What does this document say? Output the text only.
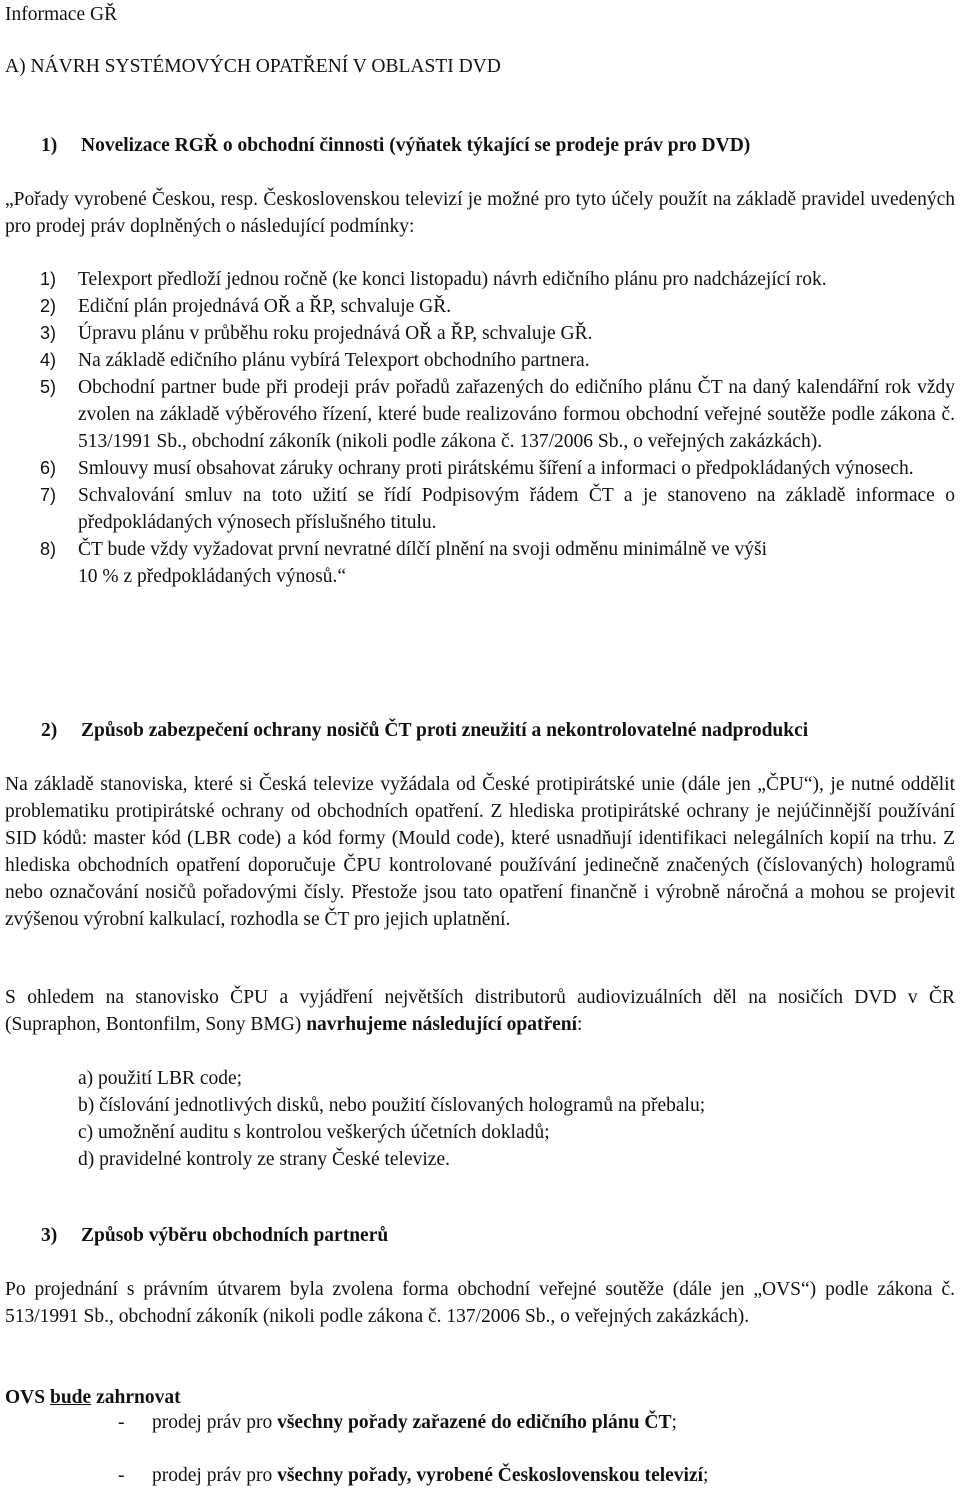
Informace GŘ
A) NÁVRH SYSTÉMOVÝCH OPATŘENÍ V OBLASTI DVD
1) Novelizace RGŘ o obchodní činnosti (výňatek týkající se prodeje práv pro DVD)
„Pořady vyrobené Českou, resp. Československou televizí je možné pro tyto účely použít na základě pravidel uvedených pro prodej práv doplněných o následující podmínky:
1) Telexport předloží jednou ročně (ke konci listopadu) návrh edičního plánu pro nadcházející rok.
2) Ediční plán projednává OŘ a ŘP, schvaluje GŘ.
3) Úpravu plánu v průběhu roku projednává OŘ a ŘP, schvaluje GŘ.
4) Na základě edičního plánu vybírá Telexport obchodního partnera.
5) Obchodní partner bude při prodeji práv pořadů zařazených do edičního plánu ČT na daný kalendářní rok vždy zvolen na základě výběrového řízení, které bude realizováno formou obchodní veřejné soutěže podle zákona č. 513/1991 Sb., obchodní zákoník (nikoli podle zákona č. 137/2006 Sb., o veřejných zakázkách).
6) Smlouvy musí obsahovat záruky ochrany proti pirátskému šíření a informaci o předpokládaných výnosech.
7) Schvalování smluv na toto užití se řídí Podpisovým řádem ČT a je stanoveno na základě informace o předpokládaných výnosech příslušného titulu.
8) ČT bude vždy vyžadovat první nevratné dílčí plnění na svoji odměnu minimálně ve výši
10 % z předpokládaných výnosů.“
2) Způsob zabezpečení ochrany nosičů ČT proti zneužití a nekontrolovatelné nadprodukci
Na základě stanoviska, které si Česká televize vyžádala od České protipirátské unie (dále jen „ČPU“), je nutné oddělit problematiku protipirátské ochrany od obchodních opatření. Z hlediska protipirátské ochrany je nejúčinnější používání SID kódů: master kód (LBR code) a kód formy (Mould code), které usnadňují identifikaci nelegálních kopií na trhu. Z hlediska obchodních opatření doporučuje ČPU kontrolované používání jedinečně značených (číslovaných) hologramů nebo označování nosičů pořadovými čísly. Přestože jsou tato opatření finančně i výrobně náročná a mohou se projevit zvýšenou výrobní kalkulací, rozhodla se ČT pro jejich uplatnění.
S ohledem na stanovisko ČPU a vyjádření největších distributorů audiovizuálních děl na nosičích DVD v ČR (Supraphon, Bontonfilm, Sony BMG) navrhujeme následující opatření:
a) použití LBR code;
b) číslování jednotlivých disků, nebo použití číslovaných hologramů na přebalu;
c) umožnění auditu s kontrolou veškerých účetních dokladů;
d) pravidelné kontroly ze strany České televize.
3) Způsob výběru obchodních partnerů
Po projednání s právním útvarem byla zvolena forma obchodní veřejné soutěže (dále jen „OVS“) podle zákona č. 513/1991 Sb., obchodní zákoník (nikoli podle zákona č. 137/2006 Sb., o veřejných zakázkách).
OVS bude zahrnovat
- prodej práv pro všechny pořady zařazené do edičního plánu ČT;
- prodej práv pro všechny pořady, vyrobené Československou televizí;
